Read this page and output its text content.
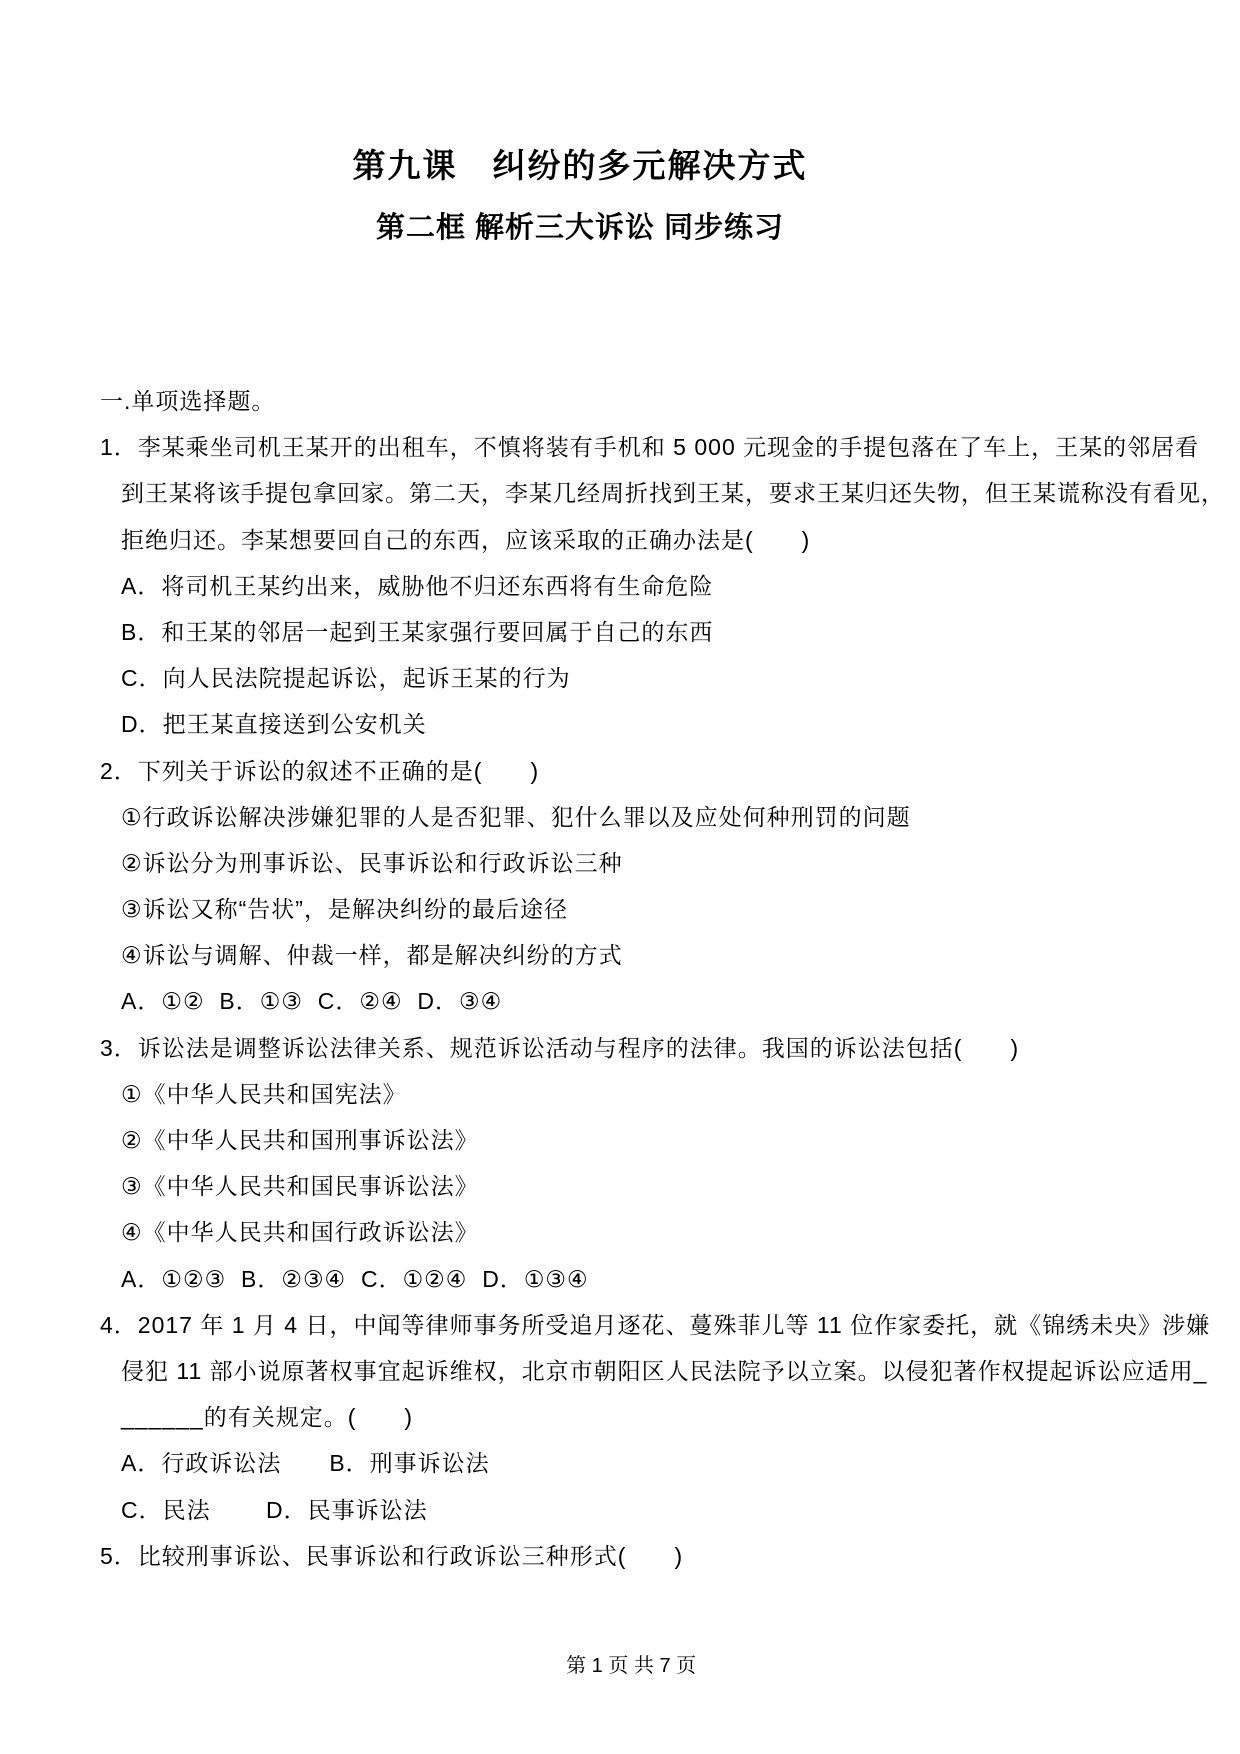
第九课　纠纷的多元解决方式
第二框 解析三大诉讼 同步练习
一.单项选择题。
1．李某乘坐司机王某开的出租车，不慎将装有手机和 5 000 元现金的手提包落在了车上，王某的邻居看
到王某将该手提包拿回家。第二天，李某几经周折找到王某，要求王某归还失物，但王某谎称没有看见，
拒绝归还。李某想要回自己的东西，应该采取的正确办法是(　　)
A．将司机王某约出来，威胁他不归还东西将有生命危险
B．和王某的邻居一起到王某家强行要回属于自己的东西
C．向人民法院提起诉讼，起诉王某的行为
D．把王某直接送到公安机关
2．下列关于诉讼的叙述不正确的是(　　)
①行政诉讼解决涉嫌犯罪的人是否犯罪、犯什么罪以及应处何种刑罚的问题
②诉讼分为刑事诉讼、民事诉讼和行政诉讼三种
③诉讼又称“告状”，是解决纠纷的最后途径
④诉讼与调解、仲裁一样，都是解决纠纷的方式
A．①②  B．①③  C．②④  D．③④
3．诉讼法是调整诉讼法律关系、规范诉讼活动与程序的法律。我国的诉讼法包括(　　)
①《中华人民共和国宪法》
②《中华人民共和国刑事诉讼法》
③《中华人民共和国民事诉讼法》
④《中华人民共和国行政诉讼法》
A．①②③  B．②③④  C．①②④  D．①③④
4．2017 年 1 月 4 日，中闻等律师事务所受追月逐花、蔓殊菲儿等 11 位作家委托，就《锦绣未央》涉嫌
侵犯 11 部小说原著权事宜起诉维权，北京市朝阳区人民法院予以立案。以侵犯著作权提起诉讼应适用_
______的有关规定。(　　)
A．行政诉讼法　　B．刑事诉讼法
C．民法　　 D．民事诉讼法
5．比较刑事诉讼、民事诉讼和行政诉讼三种形式(　　)

第 1 页 共 7 页
